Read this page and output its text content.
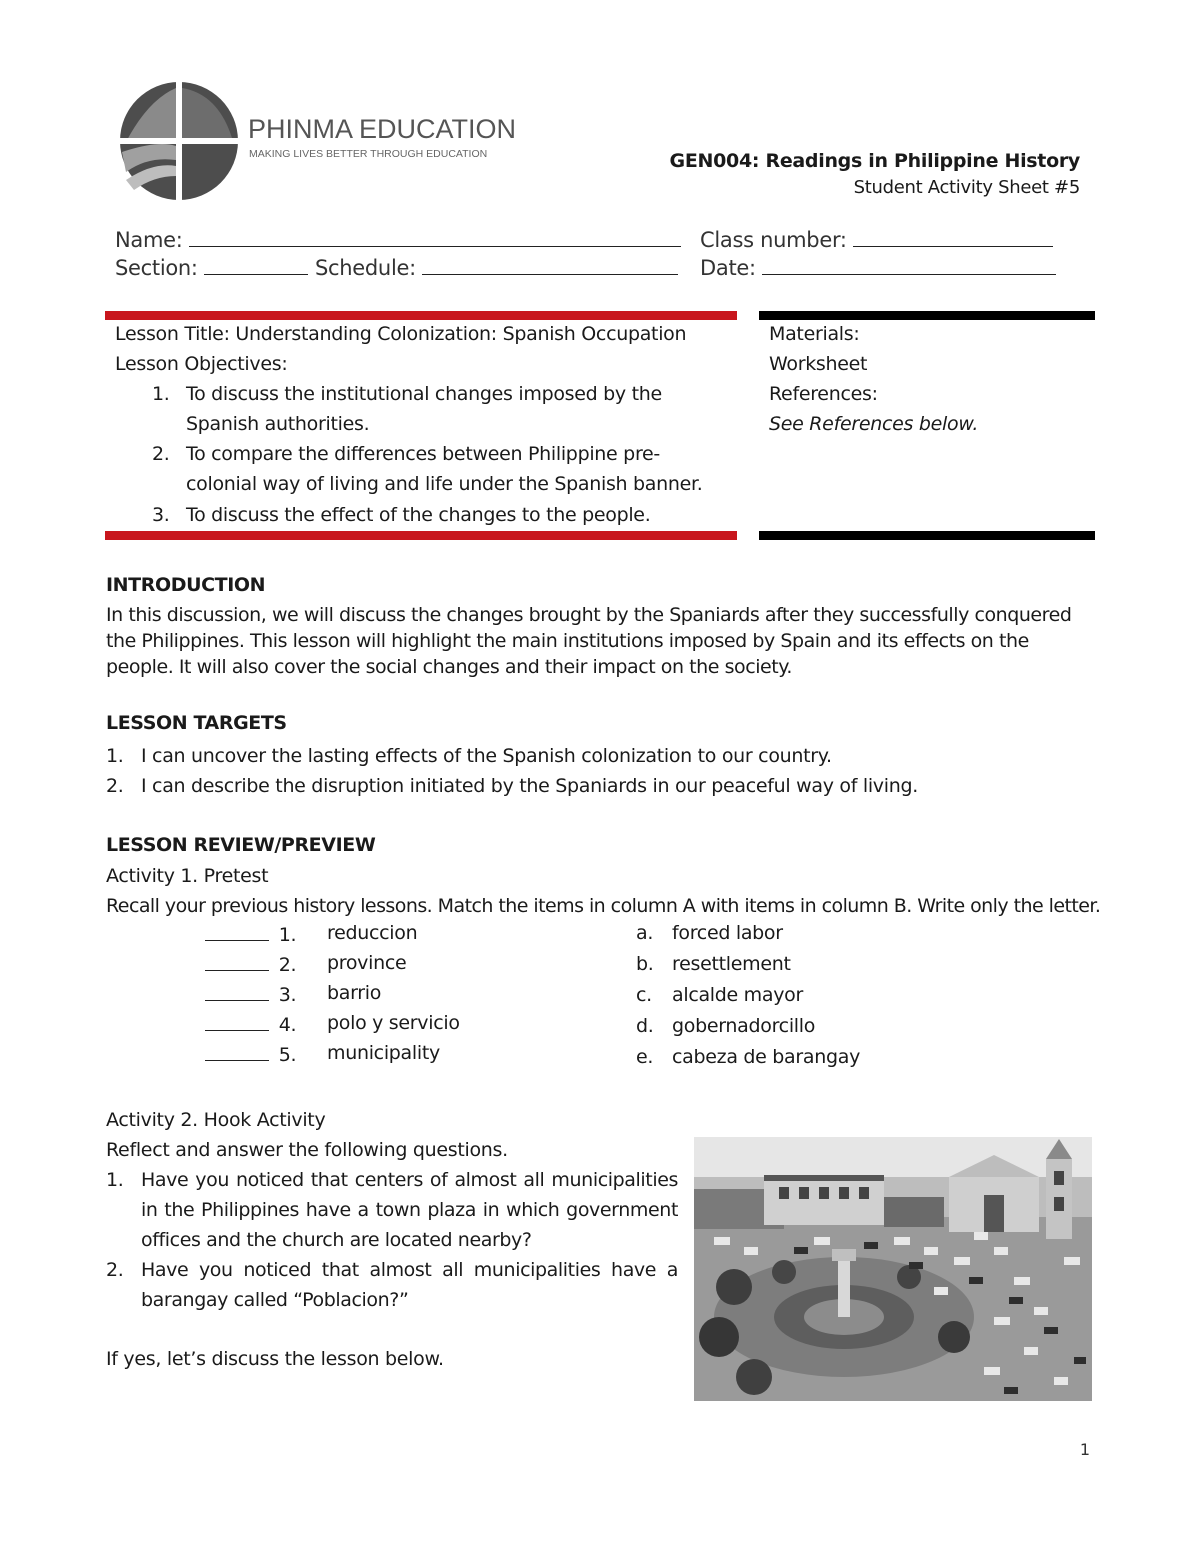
PHINMA EDUCATION
MAKING LIVES BETTER THROUGH EDUCATION	GEN004: Readings in Philippine History
Student Activity Sheet #5
Name:	Class number:
Section:	Schedule:	Date:
Lesson Title: Understanding Colonization: Spanish Occupation
Lesson Objectives:
1. To discuss the institutional changes imposed by the Spanish authorities.
2. To compare the differences between Philippine pre-colonial way of living and life under the Spanish banner.
3. To discuss the effect of the changes to the people.
Materials:
Worksheet
References:
See References below.
INTRODUCTION
In this discussion, we will discuss the changes brought by the Spaniards after they successfully conquered the Philippines. This lesson will highlight the main institutions imposed by Spain and its effects on the people. It will also cover the social changes and their impact on the society.
LESSON TARGETS
1. I can uncover the lasting effects of the Spanish colonization to our country.
2. I can describe the disruption initiated by the Spaniards in our peaceful way of living.
LESSON REVIEW/PREVIEW
Activity 1. Pretest
Recall your previous history lessons. Match the items in column A with items in column B. Write only the letter.
1. reduccion
2. province
3. barrio
4. polo y servicio
5. municipality
a. forced labor
b. resettlement
c. alcalde mayor
d. gobernadorcillo
e. cabeza de barangay
Activity 2. Hook Activity
Reflect and answer the following questions.
1. Have you noticed that centers of almost all municipalities in the Philippines have a town plaza in which government offices and the church are located nearby?
2. Have you noticed that almost all municipalities have a barangay called “Poblacion?”
If yes, let’s discuss the lesson below.
1
